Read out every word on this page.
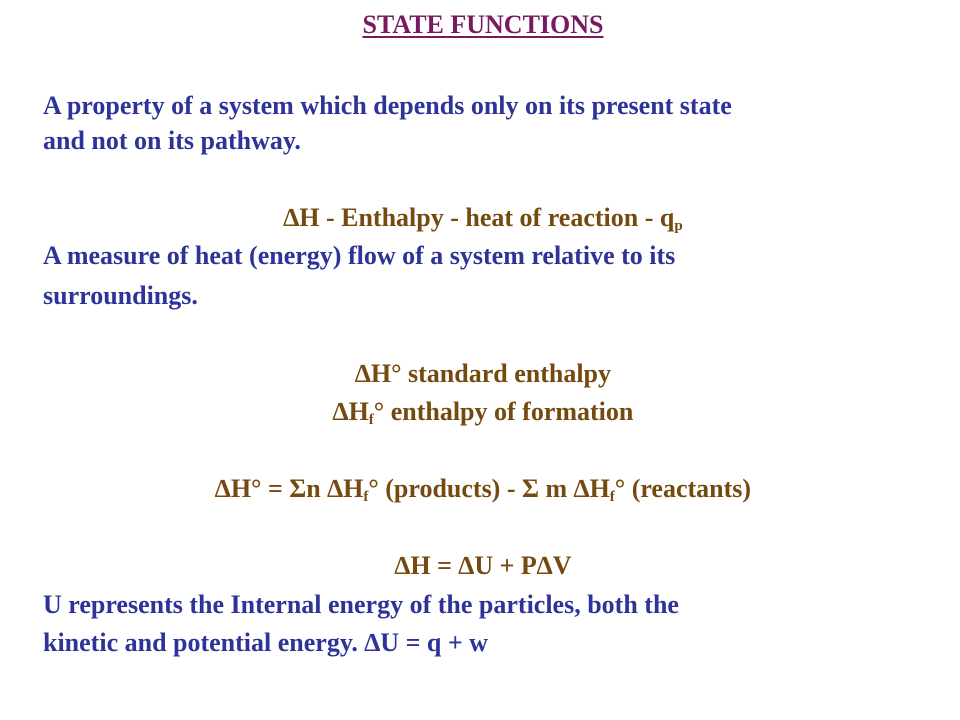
STATE FUNCTIONS
A property of a system which depends only on its present state
and not on its pathway.
∆H - Enthalpy - heat of reaction - $q_p$
A measure of heat (energy) flow of a system relative to its
surroundings.
∆H° standard enthalpy
$\Delta H_f^\circ$ enthalpy of formation
∆H° = Σn $\Delta H_f^\circ$ (products) - Σ m $\Delta H_f^\circ$ (reactants)
∆H = ∆U + P∆V
U represents the Internal energy of the particles, both the
kinetic and potential energy. ∆U = q + w
